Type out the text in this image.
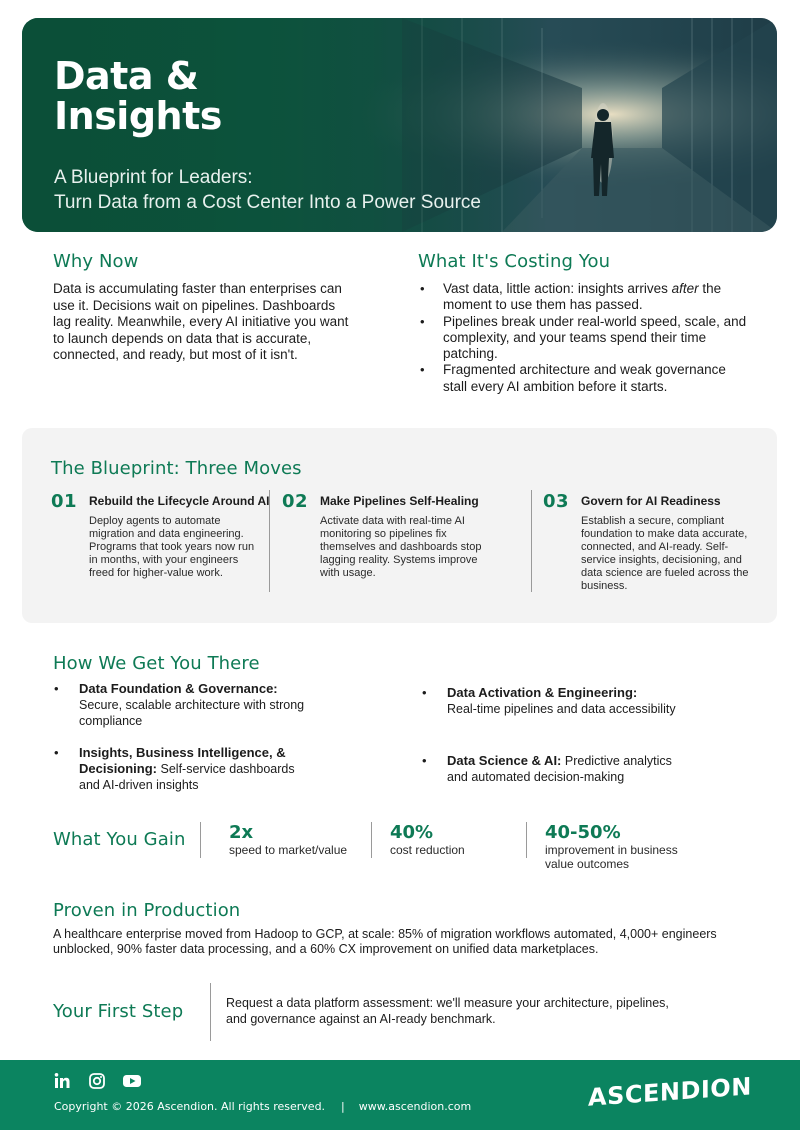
Data & Insights
A Blueprint for Leaders:
Turn Data from a Cost Center Into a Power Source
Why Now

Data is accumulating faster than enterprises can use it. Decisions wait on pipelines. Dashboards lag reality. Meanwhile, every AI initiative you want to launch depends on data that is accurate, connected, and ready, but most of it isn't.

What It's Costing You
• Vast data, little action: insights arrives after the moment to use them has passed.
• Pipelines break under real-world speed, scale, and complexity, and your teams spend their time patching.
• Fragmented architecture and weak governance stall every AI ambition before it starts.
The Blueprint: Three Moves
01 Rebuild the Lifecycle Around AI
Deploy agents to automate migration and data engineering. Programs that took years now run in months, with your engineers freed for higher-value work.
02 Make Pipelines Self-Healing
Activate data with real-time AI monitoring so pipelines fix themselves and dashboards stop lagging reality. Systems improve with usage.
03 Govern for AI Readiness
Establish a secure, compliant foundation to make data accurate, connected, and AI-ready. Self-service insights, decisioning, and data science are fueled across the business.
How We Get You There
• Data Foundation & Governance:
Secure, scalable architecture with strong compliance
• Data Activation & Engineering:
Real-time pipelines and data accessibility
• Insights, Business Intelligence, & Decisioning: Self-service dashboards and AI-driven insights
• Data Science & AI: Predictive analytics and automated decision-making
What You Gain 2x
speed to market/value
40%
cost reduction
40-50%
improvement in business value outcomes
Proven in Production

A healthcare enterprise moved from Hadoop to GCP, at scale: 85% of migration workflows automated, 4,000+ engineers unblocked, 90% faster data processing, and a 60% CX improvement on unified data marketplaces.

Your First Step	Request a data platform assessment: we'll measure your architecture, pipelines, and governance against an AI-ready benchmark.

Copyright © 2026 Ascendion. All rights reserved. | www.ascendion.com	ASCENDION
